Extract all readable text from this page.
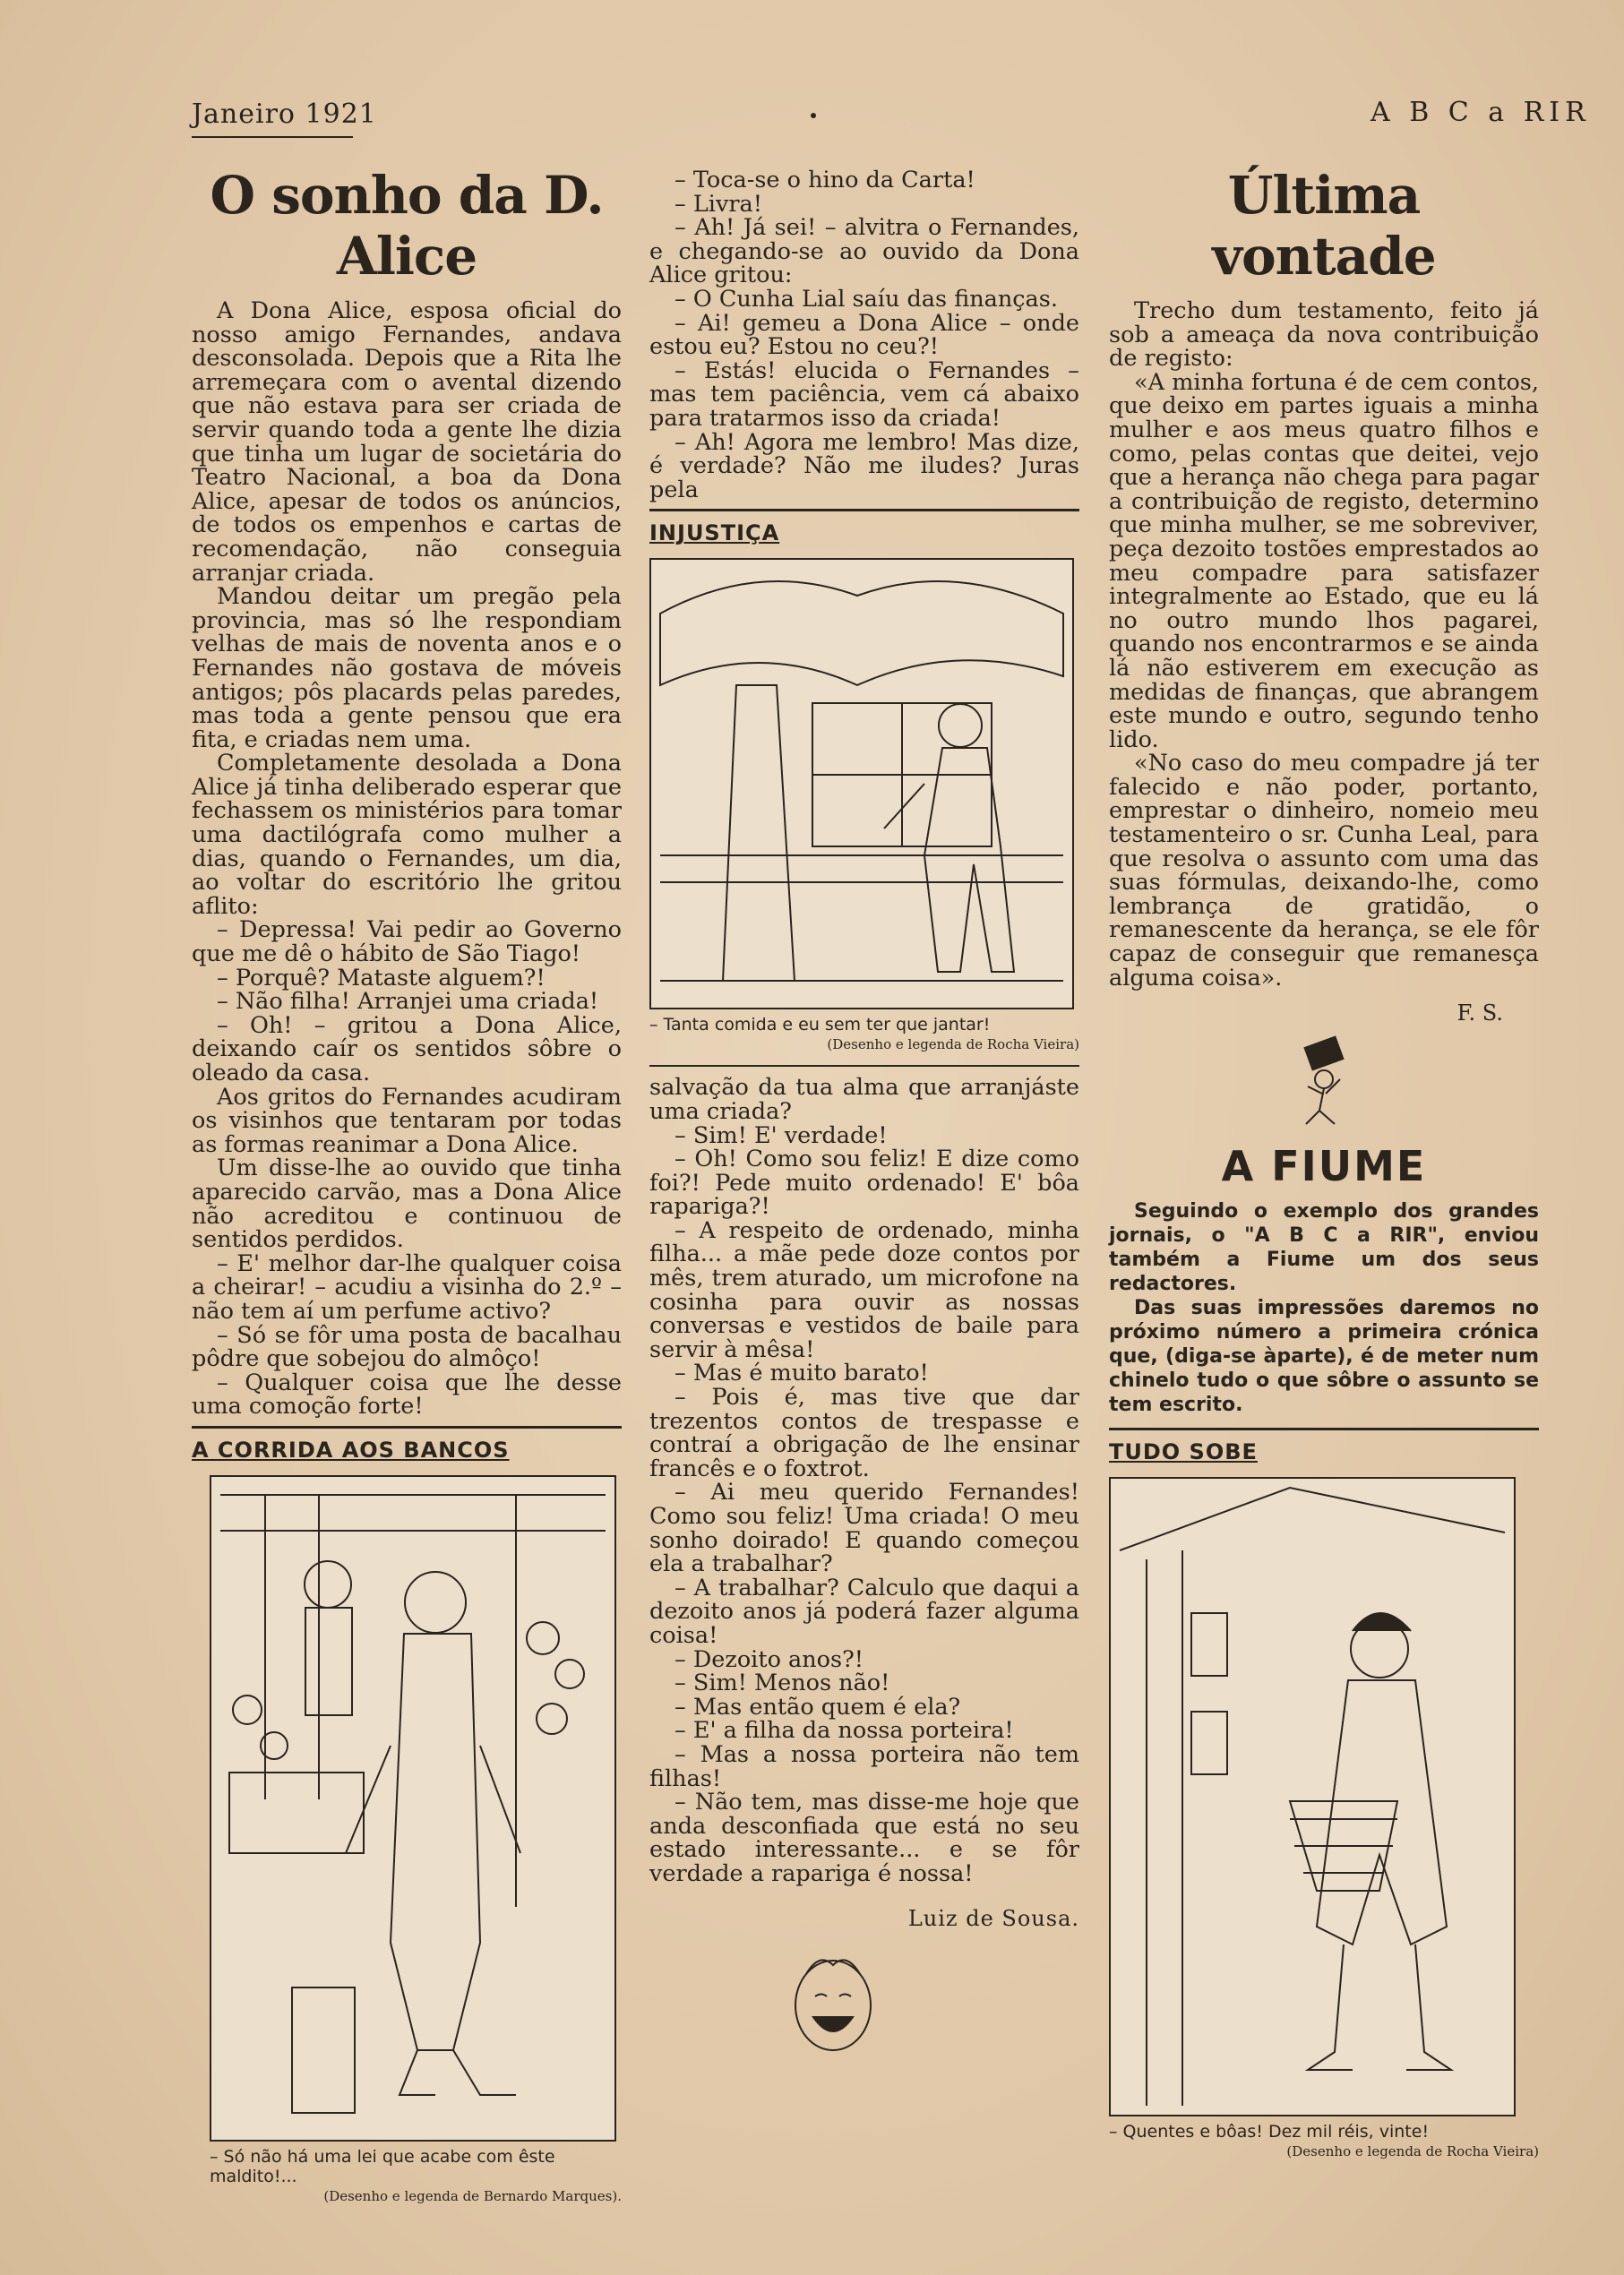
Janeiro 1921	A B C a RIR
O sonho da D. Alice

A Dona Alice, esposa oficial do nosso amigo Fernandes, andava desconsolada. Depois que a Rita lhe arremeçara com o avental dizendo que não estava para ser criada de servir quando toda a gente lhe dizia que tinha um lugar de societária do Teatro Nacional, a boa da Dona Alice, apesar de todos os anúncios, de todos os empenhos e cartas de recomendação, não conseguia arranjar criada.

Mandou deitar um pregão pela provincia, mas só lhe respondiam velhas de mais de noventa anos e o Fernandes não gostava de móveis antigos; pôs placards pelas paredes, mas toda a gente pensou que era fita, e criadas nem uma.

Completamente desolada a Dona Alice já tinha deliberado esperar que fechassem os ministérios para tomar uma dactilógrafa como mulher a dias, quando o Fernandes, um dia, ao voltar do escritório lhe gritou aflito:

– Depressa! Vai pedir ao Governo que me dê o hábito de São Tiago!

– Porquê? Mataste alguem?!

– Não filha! Arranjei uma criada!

– Oh! – gritou a Dona Alice, deixando caír os sentidos sôbre o oleado da casa.

Aos gritos do Fernandes acudiram os visinhos que tentaram por todas as formas reanimar a Dona Alice.

Um disse-lhe ao ouvido que tinha aparecido carvão, mas a Dona Alice não acreditou e continuou de sentidos perdidos.

– E' melhor dar-lhe qualquer coisa a cheirar! – acudiu a visinha do 2.º – não tem aí um perfume activo?

– Só se fôr uma posta de bacalhau pôdre que sobejou do almôço!

– Qualquer coisa que lhe desse uma comoção forte!

A CORRIDA AOS BANCOS
– Só não há uma lei que acabe com êste maldito!...
(Desenho e legenda de Bernardo Marques).

– Toca-se o hino da Carta!

– Livra!

– Ah! Já sei! – alvitra o Fernandes, e chegando-se ao ouvido da Dona Alice gritou:

– O Cunha Lial saíu das finanças.

– Ai! gemeu a Dona Alice – onde estou eu? Estou no ceu?!

– Estás! elucida o Fernandes – mas tem paciência, vem cá abaixo para tratarmos isso da criada!

– Ah! Agora me lembro! Mas dize, é verdade? Não me iludes? Juras pela

INJUSTIÇA
– Tanta comida e eu sem ter que jantar!
(Desenho e legenda de Rocha Vieira)

salvação da tua alma que arranjáste uma criada?

– Sim! E' verdade!

– Oh! Como sou feliz! E dize como foi?! Pede muito ordenado! E' bôa rapariga?!

– A respeito de ordenado, minha filha... a mãe pede doze contos por mês, trem aturado, um microfone na cosinha para ouvir as nossas conversas e vestidos de baile para servir à mêsa!

– Mas é muito barato!

– Pois é, mas tive que dar trezentos contos de trespasse e contraí a obrigação de lhe ensinar francês e o foxtrot.

– Ai meu querido Fernandes! Como sou feliz! Uma criada! O meu sonho doirado! E quando começou ela a trabalhar?

– A trabalhar? Calculo que daqui a dezoito anos já poderá fazer alguma coisa!

– Dezoito anos?!

– Sim! Menos não!

– Mas então quem é ela?

– E' a filha da nossa porteira!

– Mas a nossa porteira não tem filhas!

– Não tem, mas disse-me hoje que anda desconfiada que está no seu estado interessante... e se fôr verdade a rapariga é nossa!

Luiz de Sousa.
Última vontade

Trecho dum testamento, feito já sob a ameaça da nova contribuição de registo:

«A minha fortuna é de cem contos, que deixo em partes iguais a minha mulher e aos meus quatro filhos e como, pelas contas que deitei, vejo que a herança não chega para pagar a contribuição de registo, determino que minha mulher, se me sobreviver, peça dezoito tostões emprestados ao meu compadre para satisfazer integralmente ao Estado, que eu lá no outro mundo lhos pagarei, quando nos encontrarmos e se ainda lá não estiverem em execução as medidas de finanças, que abrangem este mundo e outro, segundo tenho lido.

«No caso do meu compadre já ter falecido e não poder, portanto, emprestar o dinheiro, nomeio meu testamenteiro o sr. Cunha Leal, para que resolva o assunto com uma das suas fórmulas, deixando-lhe, como lembrança de gratidão, o remanescente da herança, se ele fôr capaz de conseguir que remanesça alguma coisa».

F. S.
A FIUME

Seguindo o exemplo dos grandes jornais, o "A B C a RIR", enviou também a Fiume um dos seus redactores.

Das suas impressões daremos no próximo número a primeira crónica que, (diga-se àparte), é de meter num chinelo tudo o que sôbre o assunto se tem escrito.

TUDO SOBE
– Quentes e bôas! Dez mil réis, vinte!
(Desenho e legenda de Rocha Vieira)
